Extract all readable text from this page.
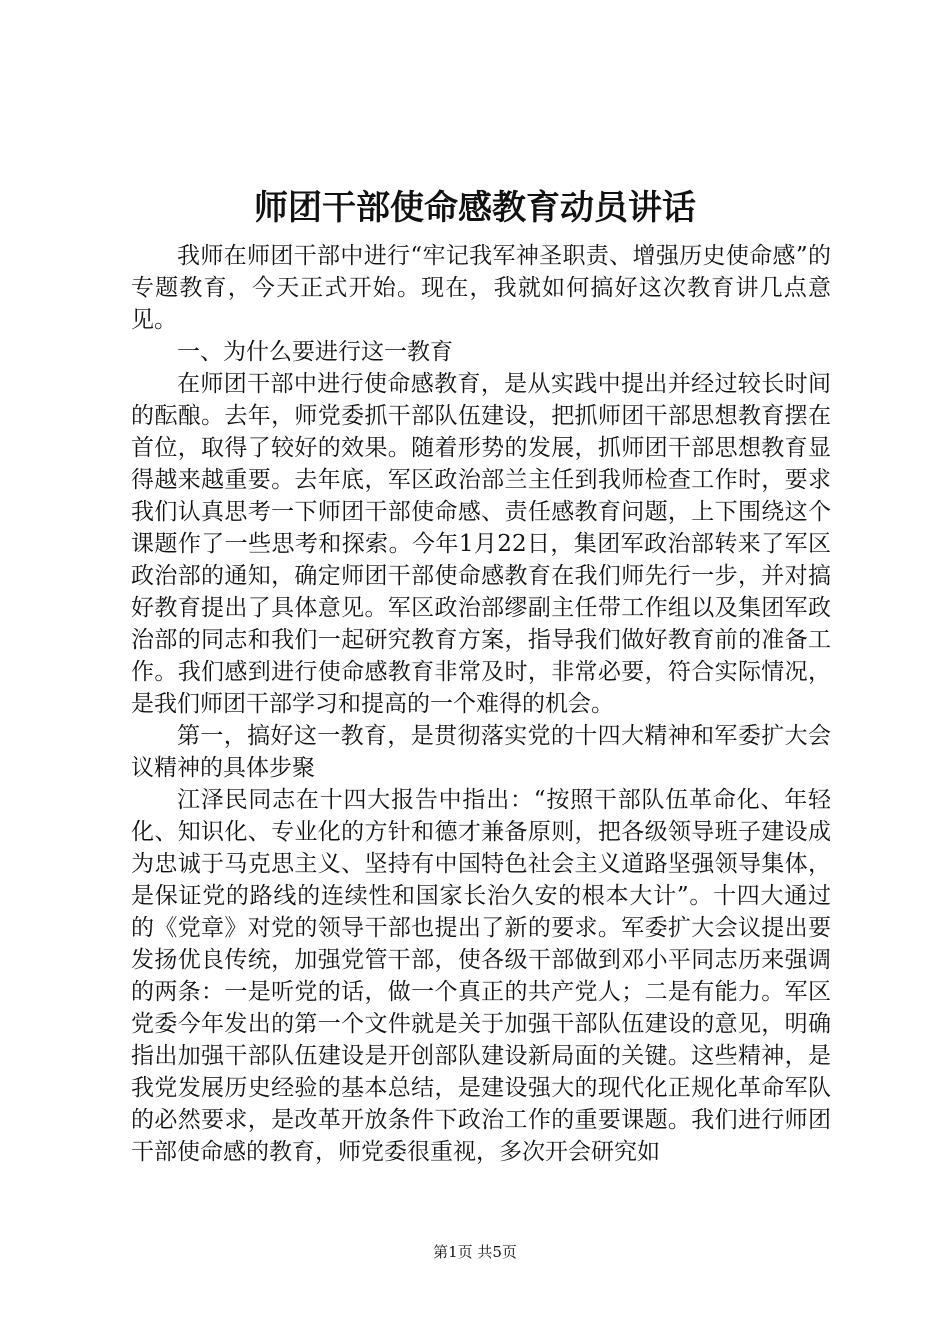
师团干部使命感教育动员讲话

我师在师团干部中进行“牢记我军神圣职责、增强历史使命感”的专题教育，今天正式开始。现在，我就如何搞好这次教育讲几点意见。

一、为什么要进行这一教育

在师团干部中进行使命感教育，是从实践中提出并经过较长时间的酝酿。去年，师党委抓干部队伍建设，把抓师团干部思想教育摆在首位，取得了较好的效果。随着形势的发展，抓师团干部思想教育显得越来越重要。去年底，军区政治部兰主任到我师检查工作时，要求我们认真思考一下师团干部使命感、责任感教育问题，上下围绕这个课题作了一些思考和探索。今年1月22日，集团军政治部转来了军区政治部的通知，确定师团干部使命感教育在我们师先行一步，并对搞好教育提出了具体意见。军区政治部缪副主任带工作组以及集团军政治部的同志和我们一起研究教育方案，指导我们做好教育前的准备工作。我们感到进行使命感教育非常及时，非常必要，符合实际情况，是我们师团干部学习和提高的一个难得的机会。

第一，搞好这一教育，是贯彻落实党的十四大精神和军委扩大会议精神的具体步聚

江泽民同志在十四大报告中指出：“按照干部队伍革命化、年轻化、知识化、专业化的方针和德才兼备原则，把各级领导班子建设成为忠诚于马克思主义、坚持有中国特色社会主义道路坚强领导集体，是保证党的路线的连续性和国家长治久安的根本大计”。十四大通过的《党章》对党的领导干部也提出了新的要求。军委扩大会议提出要发扬优良传统，加强党管干部，使各级干部做到邓小平同志历来强调的两条：一是听党的话，做一个真正的共产党人；二是有能力。军区党委今年发出的第一个文件就是关于加强干部队伍建设的意见，明确指出加强干部队伍建设是开创部队建设新局面的关键。这些精神，是我党发展历史经验的基本总结，是建设强大的现代化正规化革命军队的必然要求，是改革开放条件下政治工作的重要课题。我们进行师团干部使命感的教育，师党委很重视，多次开会研究如

第1页 共5页
